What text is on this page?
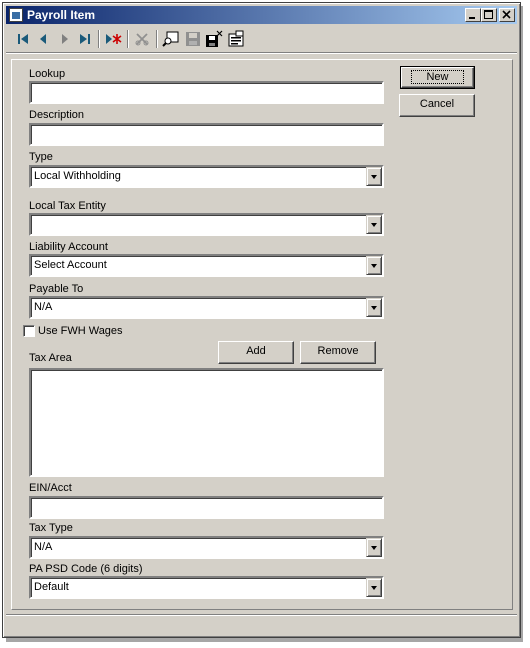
Payroll Item
Lookup
Description
Type
Local Withholding
Local Tax Entity
Liability Account
Select Account
Payable To
N/A
Use FWH Wages
Add	Remove
Tax Area
EIN/Acct
Tax Type
N/A
PA PSD Code (6 digits)
Default
New
Cancel
